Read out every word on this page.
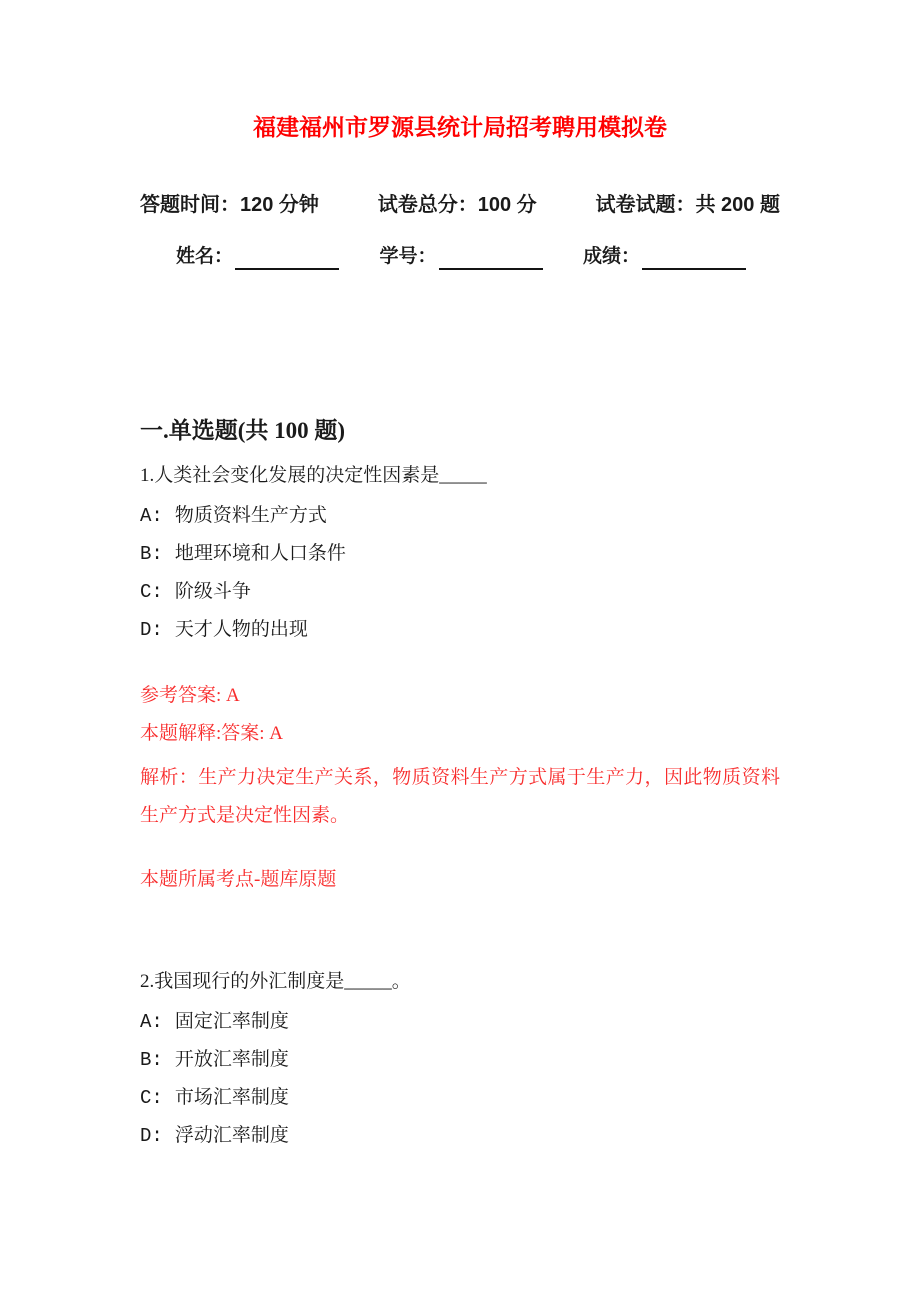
福建福州市罗源县统计局招考聘用模拟卷
答题时间：120 分钟	试卷总分：100 分	试卷试题：共 200 题
姓名：	学号：	成绩：
一.单选题(共 100 题)
1.人类社会变化发展的决定性因素是_____
A: 物质资料生产方式
B: 地理环境和人口条件
C: 阶级斗争
D: 天才人物的出现
参考答案: A
本题解释:答案: A
解析：生产力决定生产关系，物质资料生产方式属于生产力，因此物质资料生产方式是决定性因素。
本题所属考点-题库原题
2.我国现行的外汇制度是_____。
A: 固定汇率制度
B: 开放汇率制度
C: 市场汇率制度
D: 浮动汇率制度
